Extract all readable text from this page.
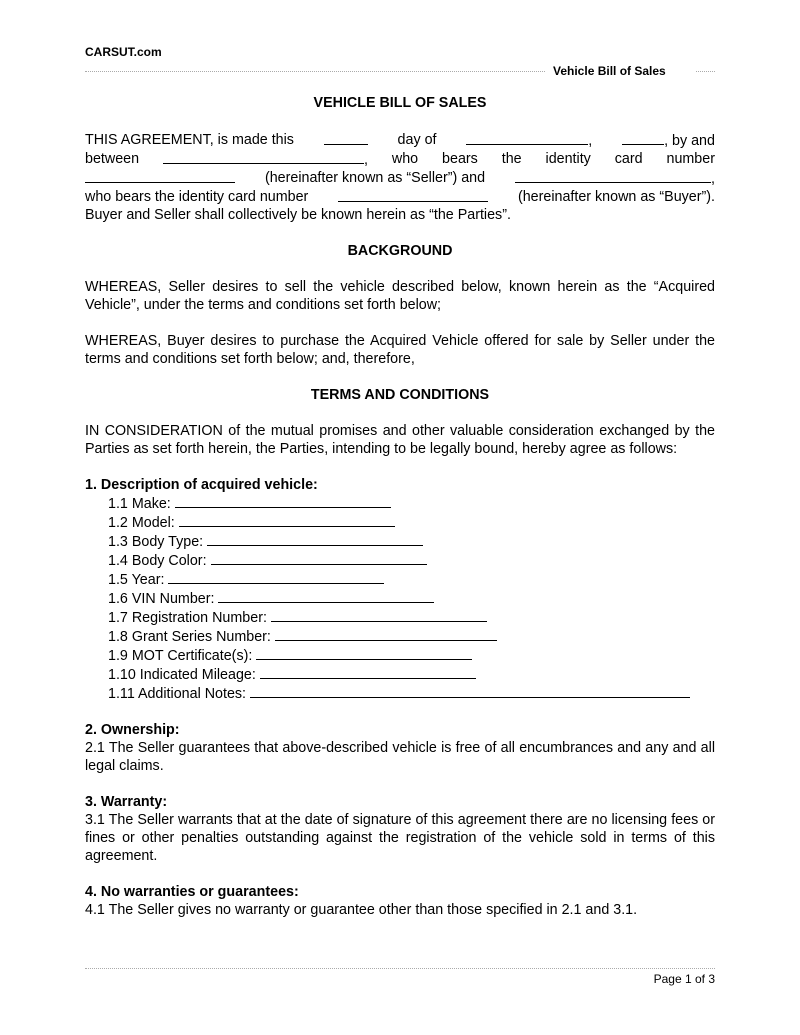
CARSUT.com
Vehicle Bill of Sales

VEHICLE BILL OF SALES

THIS AGREEMENT, is made this	day of	,	, by and
between	, who bears the identity card number
(hereinafter known as “Seller”) and	,
who bears the identity card number	(hereinafter known as “Buyer”).
Buyer and Seller shall collectively be known herein as “the Parties”.

BACKGROUND

WHEREAS, Seller desires to sell the vehicle described below, known herein as the “Acquired Vehicle”, under the terms and conditions set forth below;

WHEREAS, Buyer desires to purchase the Acquired Vehicle offered for sale by Seller under the terms and conditions set forth below; and, therefore,

TERMS AND CONDITIONS

IN CONSIDERATION of the mutual promises and other valuable consideration exchanged by the Parties as set forth herein, the Parties, intending to be legally bound, hereby agree as follows:

1. Description of acquired vehicle:

1.1 Make:
1.2 Model:
1.3 Body Type:
1.4 Body Color:
1.5 Year:
1.6 VIN Number:
1.7 Registration Number:
1.8 Grant Series Number:
1.9 MOT Certificate(s):
1.10 Indicated Mileage:
1.11 Additional Notes:

2. Ownership:

2.1 The Seller guarantees that above-described vehicle is free of all encumbrances and any and all legal claims.

3. Warranty:

3.1 The Seller warrants that at the date of signature of this agreement there are no licensing fees or fines or other penalties outstanding against the registration of the vehicle sold in terms of this agreement.

4. No warranties or guarantees:

4.1 The Seller gives no warranty or guarantee other than those specified in 2.1 and 3.1.

Page 1 of 3
